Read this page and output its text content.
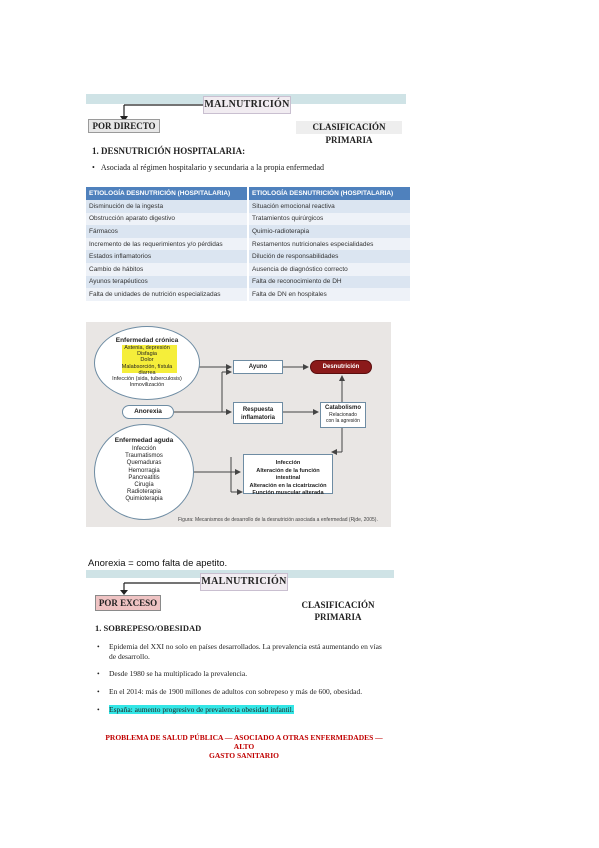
MALNUTRICIÓN
POR DIRECTO	CLASIFICACIÓN PRIMARIA
1. DESNUTRICIÓN HOSPITALARIA:
•   Asociada al régimen hospitalario y secundaria a la propia enfermedad
ETIOLOGÍA DESNUTRICIÓN (HOSPITALARIA)	ETIOLOGÍA DESNUTRICIÓN (HOSPITALARIA)
Disminución de la ingesta	Situación emocional reactiva
Obstrucción aparato digestivo	Tratamientos quirúrgicos
Fármacos	Quimio-radioterapia
Incremento de las requerimientos y/o pérdidas	Restamentos nutricionales especialidades
Estados inflamatorios	Dilución de responsabilidades
Cambio de hábitos	Ausencia de diagnóstico correcto
Ayunos terapéuticos	Falta de reconocimiento de DH
Falta de unidades de nutrición especializadas	Falta de DN en hospitales
Enfermedad crónica
Astenia, depresión
Disfagia
Dolor
Malabsorción, fístula
diarrea
Infección (sida, tuberculosis)
Inmovilización
Anorexia
Enfermedad aguda
Infección
Traumatismos
Quemaduras
Hemorragia
Pancreatitis
Cirugía
Radioterapia
Quimioterapia
Ayuno	Desnutrición
Respuesta
inflamatoria
Catabolismo
Relacionado
con la agresión
Infección
Alteración de la función intestinal
Alteración en la cicatrización
Función muscular alterada
Figura: Mecanismos de desarrollo de la desnutrición asociada a enfermedad (Rjde, 2005).
Anorexia = como falta de apetito.
MALNUTRICIÓN
POR EXCESO	CLASIFICACIÓN PRIMARIA
1. SOBREPESO/OBESIDAD
• Epidemia del XXI no solo en países desarrollados. La prevalencia está aumentando en vías de desarrollo.
• Desde 1980 se ha multiplicado la prevalencia.
• En el 2014: más de 1900 millones de adultos con sobrepeso y más de 600, obesidad.
• España: aumento progresivo de prevalencia obesidad infantil.
PROBLEMA DE SALUD PÚBLICA — ASOCIADO A OTRAS ENFERMEDADES — ALTO
GASTO SANITARIO
